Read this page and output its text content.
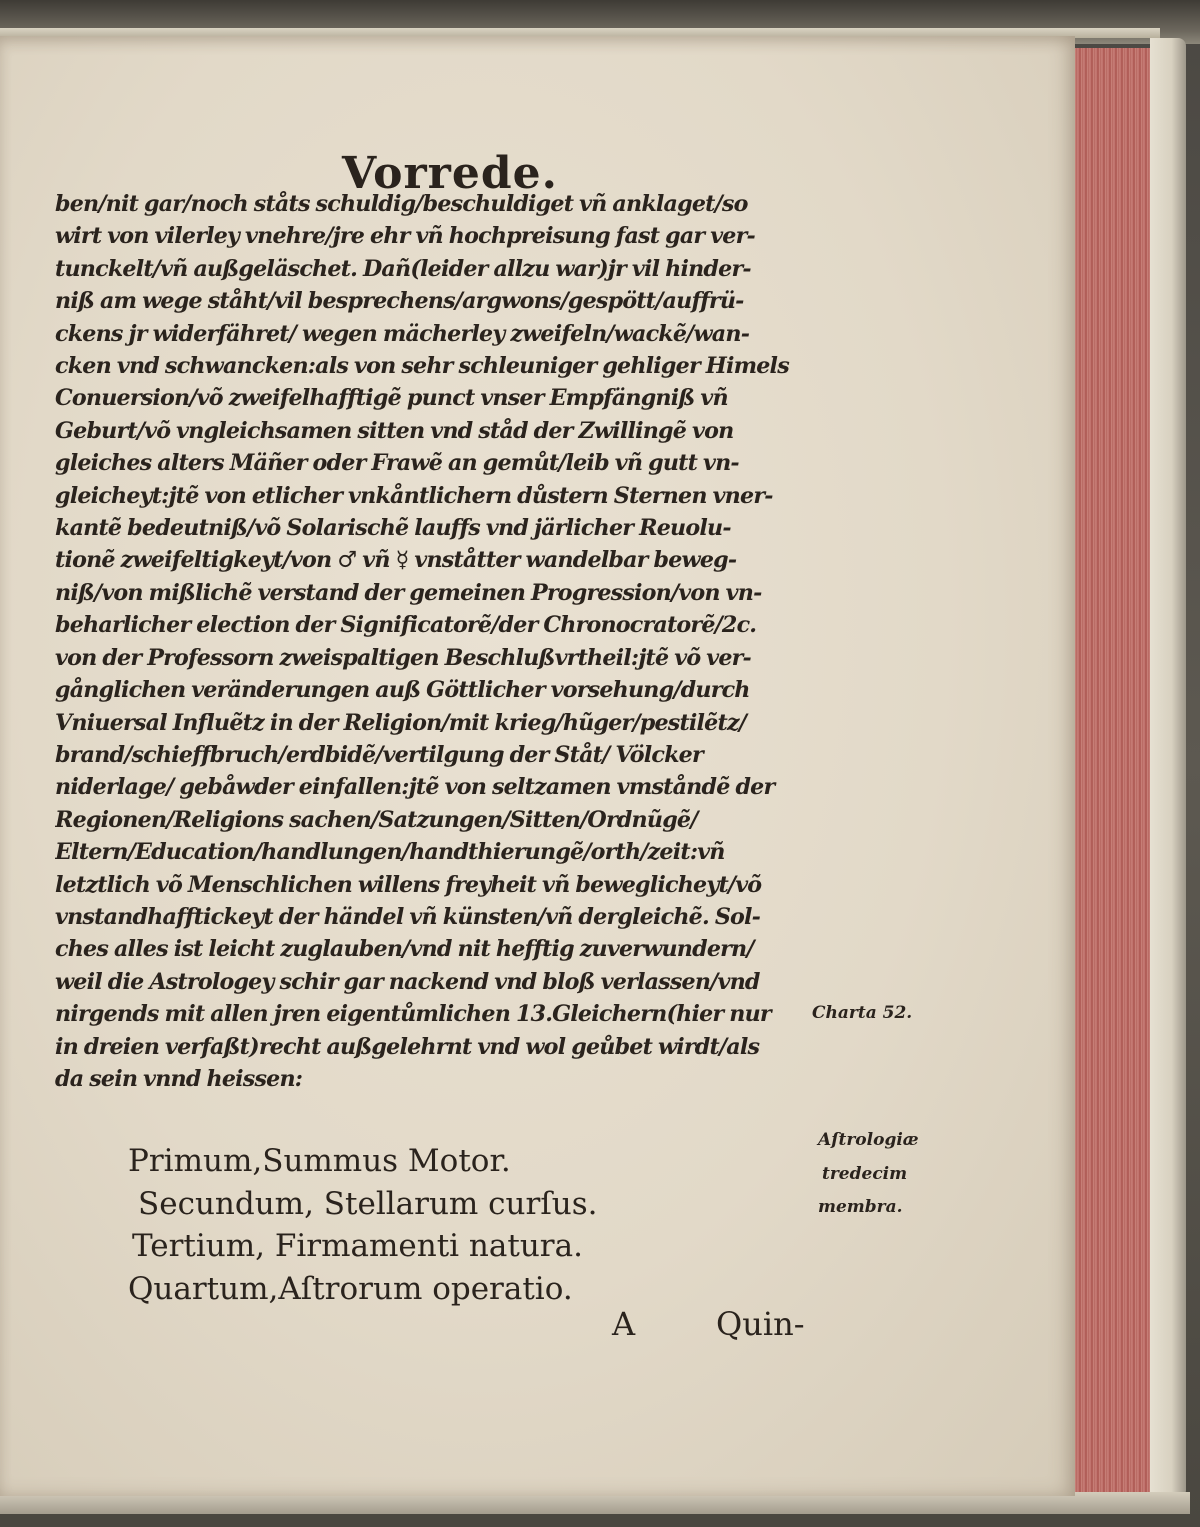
Vorrede.
ben/nit gar/noch ståts schuldig/beschuldiget vñ anklaget/so
wirt von vilerley vnehre/jre ehr vñ hochpreisung fast gar ver-
tunckelt/vñ außgeläschet. Dañ(leider allzu war)jr vil hinder-
niß am wege ståht/vil besprechens/argwons/gespött/auffrü-
ckens jr widerfähret/ wegen mächerley zweifeln/wackẽ/wan-
cken vnd schwancken:als von sehr schleuniger gehliger Himels
Conuersion/võ zweifelhafftigẽ punct vnser Empfängniß vñ
Geburt/võ vngleichsamen sitten vnd ståd der Zwillingẽ von
gleiches alters Mäñer oder Frawẽ an gemůt/leib vñ gutt vn-
gleicheyt:jtẽ von etlicher vnkåntlichern důstern Sternen vner-
kantẽ bedeutniß/võ Solarischẽ lauffs vnd järlicher Reuolu-
tionẽ zweifeltigkeyt/von ♂ vñ ☿ vnståtter wandelbar beweg-
niß/von mißlichẽ verstand der gemeinen Progression/von vn-
beharlicher election der Significatorẽ/der Chronocratorẽ/2c.
von der Professorn zweispaltigen Beschlußvrtheil:jtẽ võ ver-
gånglichen veränderungen auß Göttlicher vorsehung/durch
Vniuersal Influẽtz in der Religion/mit krieg/hũger/pestilẽtz/
brand/schieffbruch/erdbidẽ/vertilgung der Ståt/ Völcker
niderlage/ gebåwder einfallen:jtẽ von seltzamen vmståndẽ der
Regionen/Religions sachen/Satzungen/Sitten/Ordnũgẽ/
Eltern/Education/handlungen/handthierungẽ/orth/zeit:vñ
letztlich võ Menschlichen willens freyheit vñ beweglicheyt/võ
vnstandhafftickeyt der händel vñ künsten/vñ dergleichẽ. Sol-
ches alles ist leicht zuglauben/vnd nit hefftig zuverwundern/
weil die Astrologey schir gar nackend vnd bloß verlassen/vnd
nirgends mit allen jren eigentůmlichen 13.Gleichern(hier nur
in dreien verfaßt)recht außgelehrnt vnd wol geůbet wirdt/als
da sein vnnd heissen:
Primum,Summus Motor.
Secundum, Stellarum curſus.
Tertium, Firmamenti natura.
Quartum,Aſtrorum operatio.
Charta 52.
Aſtrologiæ
tredecim
membra.
A	Quin-
